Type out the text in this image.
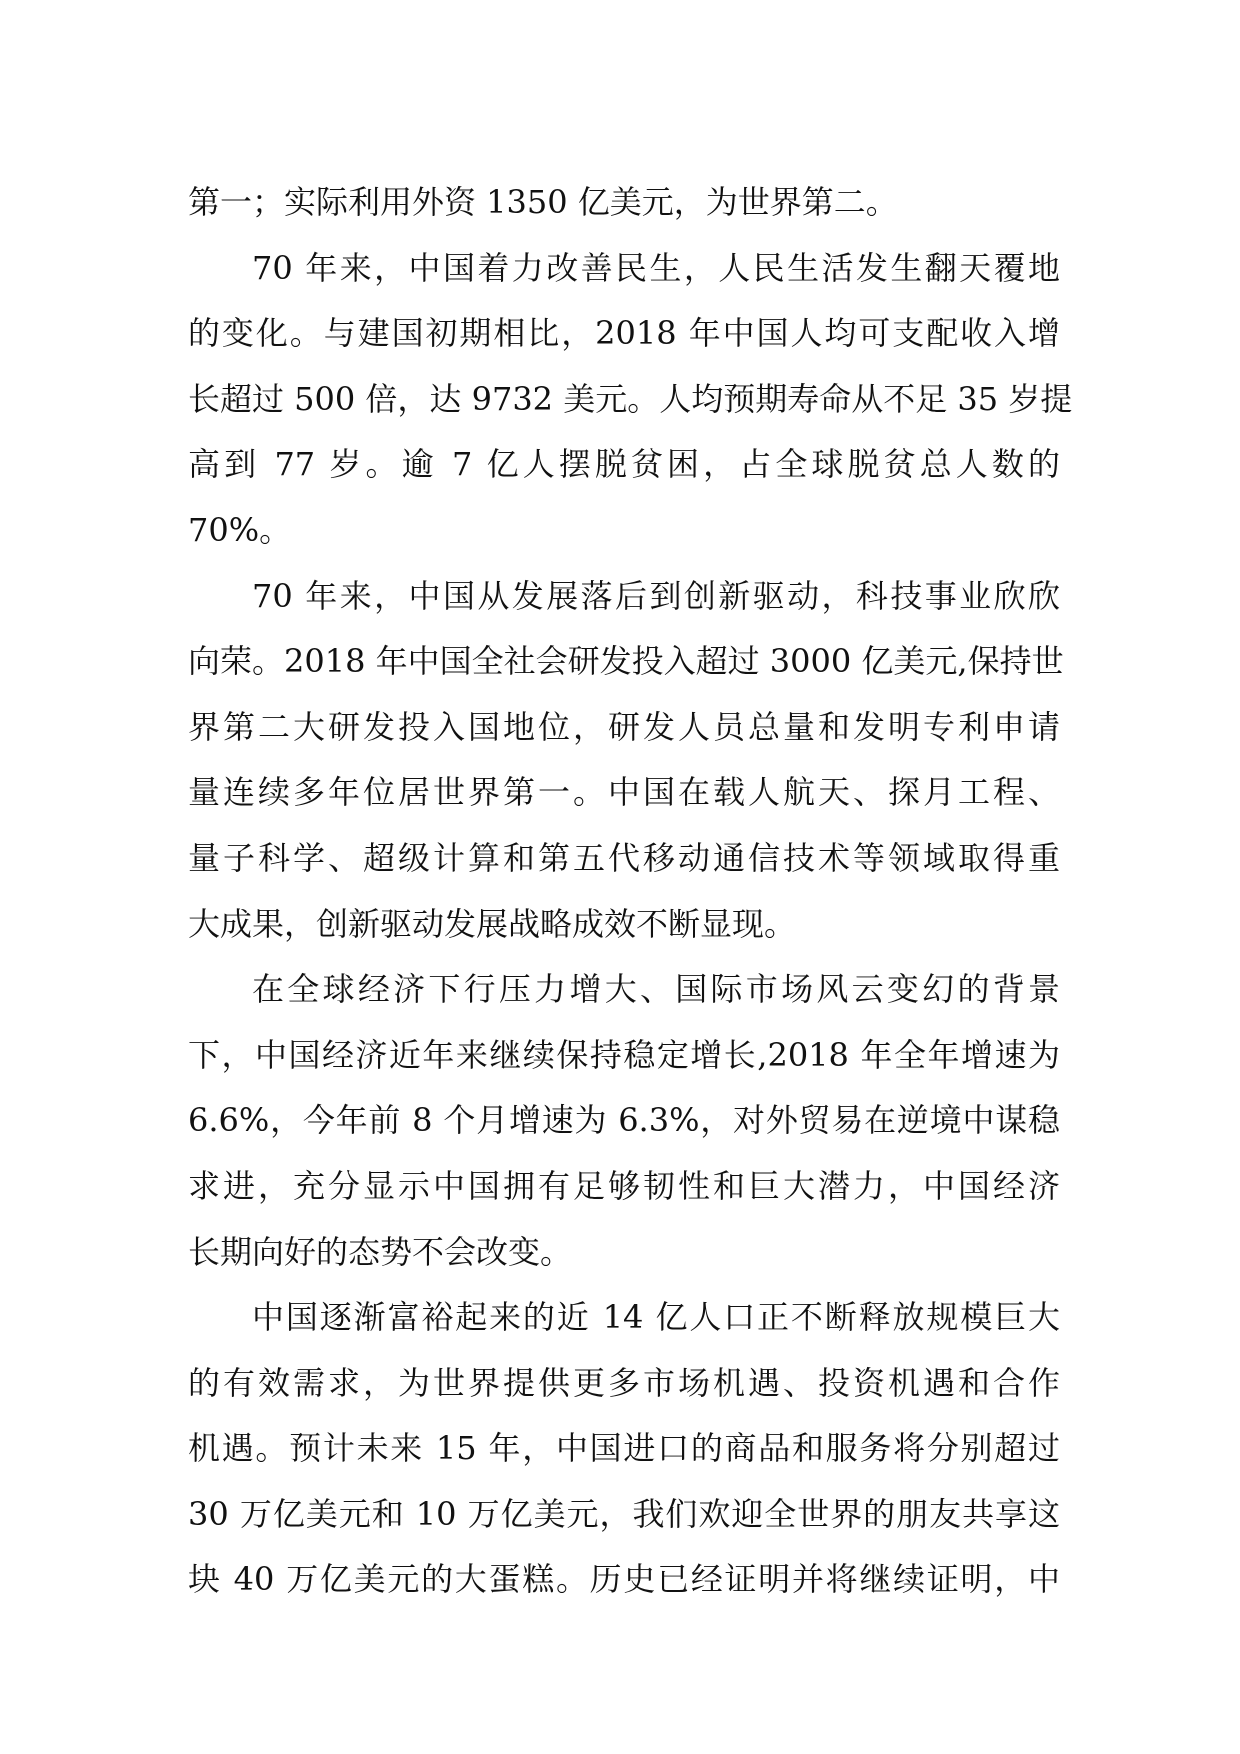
第一；实际利用外资 1350 亿美元，为世界第二。
70 年来，中国着力改善民生，人民生活发生翻天覆地
的变化。与建国初期相比，2018 年中国人均可支配收入增
长超过 500 倍，达 9732 美元。人均预期寿命从不足 35 岁提
高到 77 岁。逾 7 亿人摆脱贫困，占全球脱贫总人数的
70%。
70 年来，中国从发展落后到创新驱动，科技事业欣欣
向荣。2018 年中国全社会研发投入超过 3000 亿美元,保持世
界第二大研发投入国地位，研发人员总量和发明专利申请
量连续多年位居世界第一。中国在载人航天、探月工程、
量子科学、超级计算和第五代移动通信技术等领域取得重
大成果，创新驱动发展战略成效不断显现。
在全球经济下行压力增大、国际市场风云变幻的背景
下，中国经济近年来继续保持稳定增长,2018 年全年增速为
6.6%，今年前 8 个月增速为 6.3%，对外贸易在逆境中谋稳
求进，充分显示中国拥有足够韧性和巨大潜力，中国经济
长期向好的态势不会改变。
中国逐渐富裕起来的近 14 亿人口正不断释放规模巨大
的有效需求，为世界提供更多市场机遇、投资机遇和合作
机遇。预计未来 15 年，中国进口的商品和服务将分别超过
30 万亿美元和 10 万亿美元，我们欢迎全世界的朋友共享这
块 40 万亿美元的大蛋糕。历史已经证明并将继续证明，中
